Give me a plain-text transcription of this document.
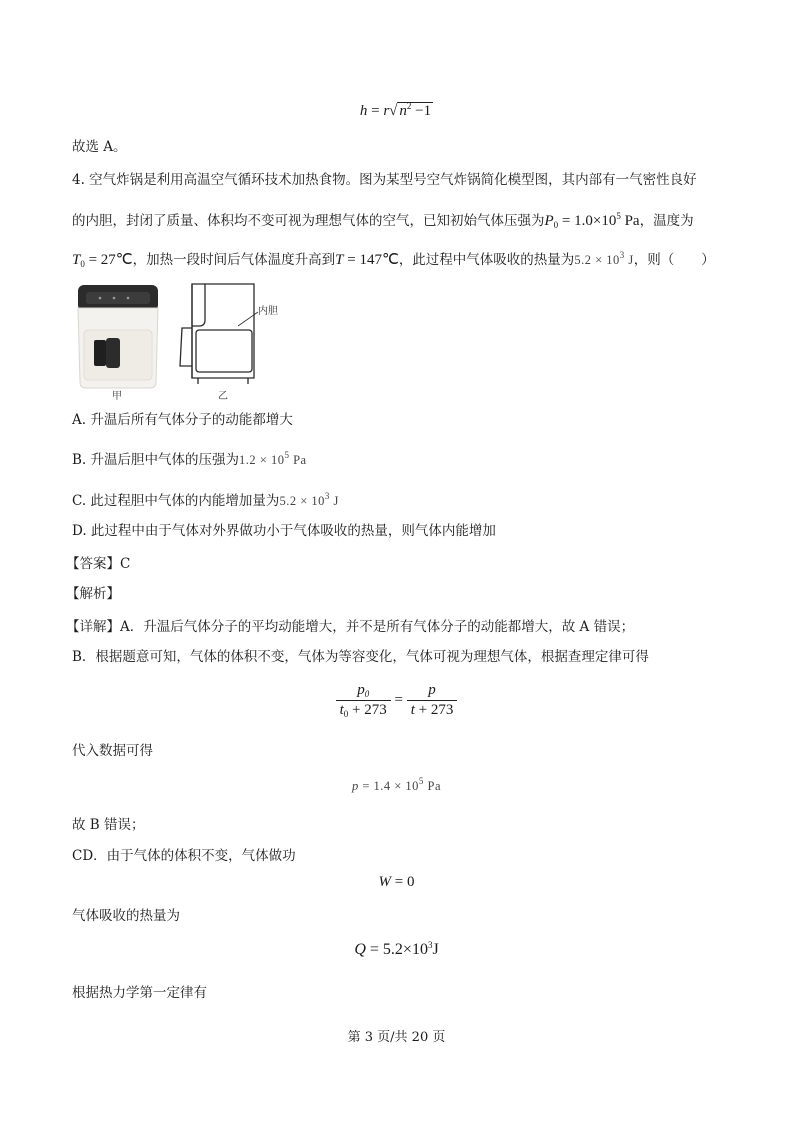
h = r√ $n^2 -1$
故选 A。
4. 空气炸锅是利用高温空气循环技术加热食物。图为某型号空气炸锅简化模型图，其内部有一气密性良好
的内胆，封闭了质量、体积均不变可视为理想气体的空气，已知初始气体压强为$P_0 = 1.0\times 10^5$ Pa，温度为
$T_0$ = 27℃，加热一段时间后气体温度升高到T = 147℃，此过程中气体吸收的热量为$5.2 \times 10^3$ J，则（　　）
甲
内胆
乙
A. 升温后所有气体分子的动能都增大
B. 升温后胆中气体的压强为$1.2 \times 10^5$ Pa
C. 此过程胆中气体的内能增加量为$5.2 \times 10^3$ J
D. 此过程中由于气体对外界做功小于气体吸收的热量，则气体内能增加
【答案】C
【解析】
【详解】A．升温后气体分子的平均动能增大，并不是所有气体分子的动能都增大，故 A 错误；
B．根据题意可知，气体的体积不变，气体为等容变化，气体可视为理想气体，根据查理定律可得
$\frac{p_0}{t_0 + 273} = \frac{p}{t + 273}$
代入数据可得
$p = 1.4 \times 10^5$ Pa
故 B 错误；
CD．由于气体的体积不变，气体做功
W = 0
气体吸收的热量为
$Q = 5.2\times 10^3J$
根据热力学第一定律有
第 3 页/共 20 页
